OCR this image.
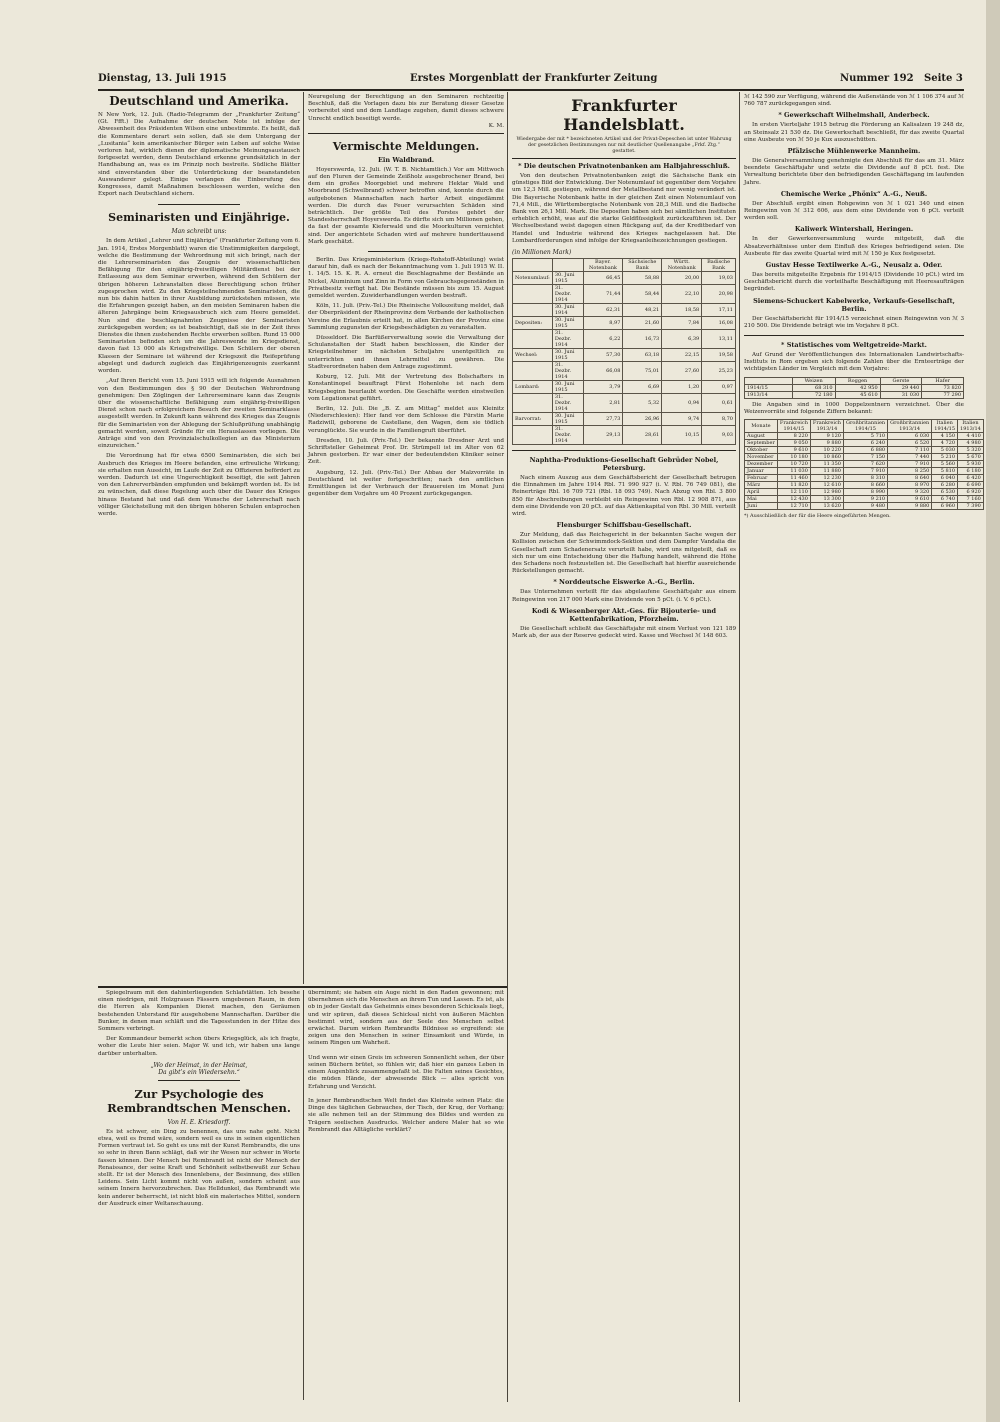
Dienstag, 13. Juli 1915	Erstes Morgenblatt der Frankfurter Zeitung	Nummer 192 Seite 3
Deutschland und Amerika.

N New York, 12. Juli. (Radio-Telegramm der „Frankfurter Zeitung“ (Gt. Ffft.) Die Aufnahme der deutschen Note ist infolge der Abwesenheit des Präsidenten Wilson eine unbestimmte. Es heißt, daß die Kommentare derart sein sollen, daß sie dem Untergang der „Lusitania“ kein amerikanischer Bürger sein Leben auf solche Weise verloren hat, wirklich dienen der diplomatische Meinungsaustausch fortgesetzt werden, denn Deutschland erkenne grundsätzlich in der Handhabung an, was es im Prinzip noch bestreite. Südliche Blätter sind einverstanden über die Unterdrückung der beanstandeten Auswanderer gelegt. Einige verlangen die Einberufung des Kongresses, damit Maßnahmen beschlossen werden, welche den Export nach Deutschland sichern.

Seminaristen und Einjährige.
Man schreibt uns:

In dem Artikel „Lehrer und Einjährige“ (Frankfurter Zeitung vom 6. Jan. 1914, Erstes Morgenblatt) waren die Unstimmigkeiten dargelegt, welche die Bestimmung der Wehrordnung mit sich bringt, nach der die Lehrerseminaristen das Zeugnis der wissenschaftlichen Befähigung für den einjährig-freiwilligen Militärdienst bei der Entlassung aus dem Seminar erwerben, während den Schülern der übrigen höheren Lehranstalten diese Berechtigung schon früher zugesprochen wird. Zu den Kriegsteilnehmenden Seminaristen, die nun bis dahin hatten in ihrer Ausbildung zurückstehen müssen, wie die Erfahrungen gezeigt haben, an den meisten Seminaren haben die älteren Jahrgänge beim Kriegsausbruch sich zum Heere gemeldet. Nun sind die beschlagnahmten Zeugnisse der Seminaristen zurückgegeben worden; es ist beabsichtigt, daß sie in der Zeit ihres Dienstes die ihnen zustehenden Rechte erwerben sollten. Rund 15 000 Seminaristen befinden sich um die Jahreswende im Kriegsdienst, davon fast 13 000 als Kriegsfreiwillige. Den Schülern der oberen Klassen der Seminare ist während der Kriegszeit die Reifeprüfung abgelegt und dadurch zugleich das Einjährigenzeugnis zuerkannt worden.

„Auf Ihren Bericht vom 15. Juni 1915 will ich folgende Ausnahmen von den Bestimmungen des § 90 der Deutschen Wehrordnung genehmigen: Den Zöglingen der Lehrerseminare kann das Zeugnis über die wissenschaftliche Befähigung zum einjährig-freiwilligen Dienst schon nach erfolgreichem Besuch der zweiten Seminarklasse ausgestellt werden. In Zukunft kann während des Krieges das Zeugnis für die Seminaristen von der Ablegung der Schlußprüfung unabhängig gemacht werden, soweit Gründe für ein Herauslassen vorliegen. Die Anträge sind von den Provinzialschulkollegien an das Ministerium einzureichen.“

Die Verordnung hat für etwa 6500 Seminaristen, die sich bei Ausbruch des Krieges im Heere befanden, eine erfreuliche Wirkung; sie erhalten nun Aussicht, im Laufe der Zeit zu Offizieren befördert zu werden. Dadurch ist eine Ungerechtigkeit beseitigt, die seit Jahren von den Lehrerverbänden empfunden und bekämpft worden ist. Es ist zu wünschen, daß diese Regelung auch über die Dauer des Krieges hinaus Bestand hat und daß dem Wunsche der Lehrerschaft nach völliger Gleichstellung mit den übrigen höheren Schulen entsprochen werde.

Neuregelung der Berechtigung an den Seminaren rechtzeitig Beschluß, daß die Vorlagen dazu bis zur Beratung dieser Gesetze vorbereitet sind und dem Landtage zugehen, damit dieses schwere Unrecht endlich beseitigt werde.

K. M.
Vermischte Meldungen.
Ein Waldbrand.

Hoyerswerda, 12. Juli. (W. T. B. Nichtamtlich.) Vor am Mittwoch auf den Fluren der Gemeinde Zeißholz ausgebrochener Brand, bei dem ein großes Moorgebiet und mehrere Hektar Wald und Moorbrand (Schwelbrand) schwer betroffen sind, konnte durch die aufgebotenen Mannschaften nach harter Arbeit eingedämmt werden. Die durch das Feuer verursachten Schäden sind beträchtlich. Der größte Teil des Forstes gehört der Standesherrschaft Hoyerswerda. Es dürfte sich um Millionen gehen, da fast der gesamte Kieferwald und die Moorkulturen vernichtet sind. Der angerichtete Schaden wird auf mehrere hunderttausend Mark geschätzt.

Berlin. Das Kriegsministerium (Kriegs-Rohstoff-Abteilung) weist darauf hin, daß es nach der Bekanntmachung vom 1. Juli 1915 W. II. 1. 14/5. 15. K. R. A. erneut die Beschlagnahme der Bestände an Nickel, Aluminium und Zinn in Form von Gebrauchsgegenständen in Privatbesitz verfügt hat. Die Bestände müssen bis zum 15. August gemeldet werden. Zuwiderhandlungen werden bestraft.

Köln, 11. Juli. (Priv.-Tel.) Die Rheinische Volkszeitung meldet, daß der Oberpräsident der Rheinprovinz dem Verbande der katholischen Vereine die Erlaubnis erteilt hat, in allen Kirchen der Provinz eine Sammlung zugunsten der Kriegsbeschädigten zu veranstalten.

Düsseldorf. Die Barfüßerverwaltung sowie die Verwaltung der Schulanstalten der Stadt haben beschlossen, die Kinder der Kriegsteilnehmer im nächsten Schuljahre unentgeltlich zu unterrichten und ihnen Lehrmittel zu gewähren. Die Stadtverordneten haben dem Antrage zugestimmt.

Koburg, 12. Juli. Mit der Vertretung des Bolschafters in Konstantinopel beauftragt Fürst Hohenlohe ist nach dem Kriegsbeginn beurlaubt worden. Die Geschäfte werden einstweilen vom Legationsrat geführt.

Berlin, 12. Juli. Die „B. Z. am Mittag“ meldet aus Kleinitz (Niederschlesien): Hier fand vor dem Schlosse die Fürstin Marie Radziwill, geborene de Castellane, den Wagen, dem sie tödlich verunglückte. Sie wurde in die Familiengruft überführt.

Dresden, 10. Juli. (Priv.-Tel.) Der bekannte Dresdner Arzt und Schriftsteller Geheimrat Prof. Dr. Strümpell ist im Alter von 62 Jahren gestorben. Er war einer der bedeutendsten Kliniker seiner Zeit.

Augsburg, 12. Juli. (Priv.-Tel.) Der Abbau der Malzvorräte in Deutschland ist weiter fortgeschritten; nach den amtlichen Ermittlungen ist der Verbrauch der Brauereien im Monat Juni gegenüber dem Vorjahre um 40 Prozent zurückgegangen.

Spiegelraum mit den dahinterliegenden Schlafstätten. Ich besehe einen niedrigen, mit Holzgrauen Fässern umgebenen Raum, in dem die Herren als Kompanien Dienst machen, den Geräumen bestehenden Unterstand für ausgehobene Mannschaften. Darüber die Bunker, in denen man schläft und die Tagesstunden in der Hitze des Sommers verbringt.

Der Kommandeur bemerkt schon übers Kriegsglück, als ich fragte, woher die Leute hier seien. Major W. und ich, wir haben uns lange darüber unterhalten.

„Wo der Heimat, in der Heimat,
Da gibt’s ein Wiedersehn.“
Zur Psychologie des Rembrandtschen Menschen.
Von H. E. Kriesdorff.

Es ist schwer, ein Ding zu benennen, das uns nahe geht. Nicht etwa, weil es fremd wäre, sondern weil es uns in seinen eigentlichen Formen vertraut ist. So geht es uns mit der Kunst Rembrandts, die uns so sehr in ihren Bann schlägt, daß wir ihr Wesen nur schwer in Worte fassen können. Der Mensch bei Rembrandt ist nicht der Mensch der Renaissance, der seine Kraft und Schönheit selbstbewußt zur Schau stellt. Er ist der Mensch des Innenlebens, der Besinnung, des stillen Leidens. Sein Licht kommt nicht von außen, sondern scheint aus seinem Innern hervorzubrechen. Das Helldunkel, das Rembrandt wie kein anderer beherrscht, ist nicht bloß ein malerisches Mittel, sondern der Ausdruck einer Weltanschauung.

übernimmt; sie haben ein Auge nicht in den Raden gewonnen; mit übernehmen sich die Menschen an ihrem Tun und Lassen. Es ist, als ob in jeder Gestalt das Geheimnis eines besonderen Schicksals liegt, und wir spüren, daß dieses Schicksal nicht von äußeren Mächten bestimmt wird, sondern aus der Seele des Menschen selbst erwächst. Darum wirken Rembrandts Bildnisse so ergreifend: sie zeigen uns den Menschen in seiner Einsamkeit und Würde, in seinem Ringen um Wahrheit.

Und wenn wir einen Greis im schweren Sonnenlicht sehen, der über seinen Büchern brütet, so fühlen wir, daß hier ein ganzes Leben in einem Augenblick zusammengefaßt ist. Die Falten seines Gesichtes, die müden Hände, der abwesende Blick — alles spricht von Erfahrung und Verzicht.

In jener Rembrandtschen Welt findet das Kleinste seinen Platz: die Dinge des täglichen Gebrauches, der Tisch, der Krug, der Vorhang; sie alle nehmen teil an der Stimmung des Bildes und werden zu Trägern seelischen Ausdrucks. Welcher andere Maler hat so wie Rembrandt das Alltägliche verklärt?

Frankfurter Handelsblatt.

Wiedergabe der mit * bezeichneten Artikel und der Privat-Depeschen ist unter Wahrung der gesetzlichen Bestimmungen nur mit deutlicher Quellenangabe „Frkf. Ztg.“ gestattet.

* Die deutschen Privatnotenbanken am Halbjahresschluß.

Von den deutschen Privatnotenbanken zeigt die Sächsische Bank ein günstiges Bild der Entwicklung. Der Notenumlauf ist gegenüber dem Vorjahre um 12,3 Mill. gestiegen, während der Metallbestand nur wenig verändert ist. Die Bayerische Notenbank hatte in der gleichen Zeit einen Notenumlauf von 71,4 Mill., die Württembergische Notenbank von 28,3 Mill. und die Badische Bank von 26,1 Mill. Mark. Die Depositen haben sich bei sämtlichen Instituten erheblich erhöht, was auf die starke Geldflüssigkeit zurückzuführen ist. Der Wechselbestand weist dagegen einen Rückgang auf, da der Kreditbedarf von Handel und Industrie während des Krieges nachgelassen hat. Die Lombardforderungen sind infolge der Kriegsanleihezeichnungen gestiegen.

(in Millionen Mark)
		Bayer. Notenbank	Sächsische Bank	Württ. Notenbank	Badische Bank
Notenumlauf:	30. Juni 1915	66,45	58,88	20,00	19,03
	31. Dezbr. 1914	71,44	58,44	22,10	20,98
	30. Juni 1914	62,31	48,21	18,58	17,11
Depositen:	30. Juni 1915	8,97	21,60	7,84	16,08
	31. Dezbr. 1914	6,22	16,73	6,39	13,11
Wechsel:	30. Juni 1915	57,30	63,18	22,15	19,58
	31. Dezbr. 1914	66,08	75,01	27,60	25,23
Lombard:	30. Juni 1915	3,79	6,69	1,20	0,97
	31. Dezbr. 1914	2,81	5,32	0,94	0,61
Barvorrat:	30. Juni 1915	27,73	26,96	9,74	8,70
	31. Dezbr. 1914	29,13	28,61	10,15	9,03
Naphtha-Produktions-Gesellschaft Gebrüder Nobel, Petersburg.

Nach einem Auszug aus dem Geschäftsbericht der Gesellschaft betrugen die Einnahmen im Jahre 1914 Rbl. 71 990 927 (i. V. Rbl. 76 749 081), die Reinerträge Rbl. 16 709 721 (Rbl. 18 093 749). Nach Abzug von Rbl. 3 800 850 für Abschreibungen verbleibt ein Reingewinn von Rbl. 12 908 871, aus dem eine Dividende von 20 pCt. auf das Aktienkapital von Rbl. 30 Mill. verteilt wird.

Flensburger Schiffsbau-Gesellschaft.

Zur Meldung, daß das Reichsgericht in der bekannten Sache wegen der Kollision zwischen der Schwimmdock-Sektion und dem Dampfer Vandalia die Gesellschaft zum Schadenersatz verurteilt habe, wird uns mitgeteilt, daß es sich nur um eine Entscheidung über die Haftung handelt, während die Höhe des Schadens noch festzustellen ist. Die Gesellschaft hat hierfür ausreichende Rückstellungen gemacht.

* Norddeutsche Eiswerke A.-G., Berlin.

Das Unternehmen verteilt für das abgelaufene Geschäftsjahr aus einem Reingewinn von 217 000 Mark eine Dividende von 5 pCt. (i. V. 6 pCt.).

Kodi & Wiesenberger Akt.-Ges. für Bijouterie- und Kettenfabrikation, Pforzheim.

Die Gesellschaft schließt das Geschäftsjahr mit einem Verlust von 121 189 Mark ab, der aus der Reserve gedeckt wird. Kasse und Wechsel ℳ 148 603.

ℳ 142 590 zur Verfügung, während die Außenstände von ℳ 1 106 374 auf ℳ 760 787 zurückgegangen sind.

* Gewerkschaft Wilhelmshall, Anderbeck.

In ersten Vierteljahr 1915 betrug die Förderung an Kalisalzen 19 248 dz, an Steinsalz 21 530 dz. Die Gewerkschaft beschließt, für das zweite Quartal eine Ausbeute von ℳ 50 je Kux auszuschütten.

Pfälzische Mühlenwerke Mannheim.

Die Generalversammlung genehmigte den Abschluß für das am 31. März beendete Geschäftsjahr und setzte die Dividende auf 8 pCt. fest. Die Verwaltung berichtete über den befriedigenden Geschäftsgang im laufenden Jahre.

Chemische Werke „Phönix“ A.-G., Neuß.

Der Abschluß ergibt einen Rohgewinn von ℳ 1 021 340 und einen Reingewinn von ℳ 312 606, aus dem eine Dividende von 6 pCt. verteilt werden soll.

Kaliwerk Wintershall, Heringen.

In der Gewerkenversammlung wurde mitgeteilt, daß die Absatzverhältnisse unter dem Einfluß des Krieges befriedigend seien. Die Ausbeute für das zweite Quartal wird mit ℳ 150 je Kux festgesetzt.

Gustav Hesse Textilwerke A.-G., Neusalz a. Oder.

Das bereits mitgeteilte Ergebnis für 1914/15 (Dividende 10 pCt.) wird im Geschäftsbericht durch die vorteilhafte Beschäftigung mit Heeresaufträgen begründet.

Siemens-Schuckert Kabelwerke, Verkaufs-Gesellschaft, Berlin.

Der Geschäftsbericht für 1914/15 verzeichnet einen Reingewinn von ℳ 3 210 500. Die Dividende beträgt wie im Vorjahre 8 pCt.

* Statistisches vom Weltgetreide-Markt.

Auf Grund der Veröffentlichungen des Internationalen Landwirtschafts-Instituts in Rom ergeben sich folgende Zahlen über die Ernteerträge der wichtigsten Länder im Vergleich mit dem Vorjahre:

	Weizen	Roggen	Gerste	Hafer
1914/15	68 310	42 950	29 440	73 820
1913/14	72 180	45 610	31 030	77 290

Die Angaben sind in 1000 Doppelzentnern verzeichnet. Über die Weizenvorräte sind folgende Ziffern bekannt:

Monate	Frankreich 1914/15	Frankreich 1913/14	Großbritannien 1914/15	Großbritannien 1913/14	Italien 1914/15	Italien 1913/14
August	8 220	9 120	5 710	6 030	4 150	4 410
September	9 050	9 880	6 240	6 520	4 720	4 980
Oktober	9 610	10 220	6 880	7 110	5 030	5 320
November	10 180	10 860	7 150	7 440	5 210	5 670
Dezember	10 720	11 350	7 620	7 910	5 560	5 930
Januar	11 030	11 880	7 910	8 250	5 810	6 180
Februar	11 460	12 230	8 310	8 640	6 040	6 420
März	11 820	12 610	8 660	8 970	6 280	6 690
April	12 110	12 980	8 990	9 320	6 530	6 920
Mai	12 430	13 300	9 210	9 610	6 740	7 160
Juni	12 710	13 620	9 480	9 880	6 960	7 390

*) Ausschließlich der für die Heere eingeführten Mengen.
